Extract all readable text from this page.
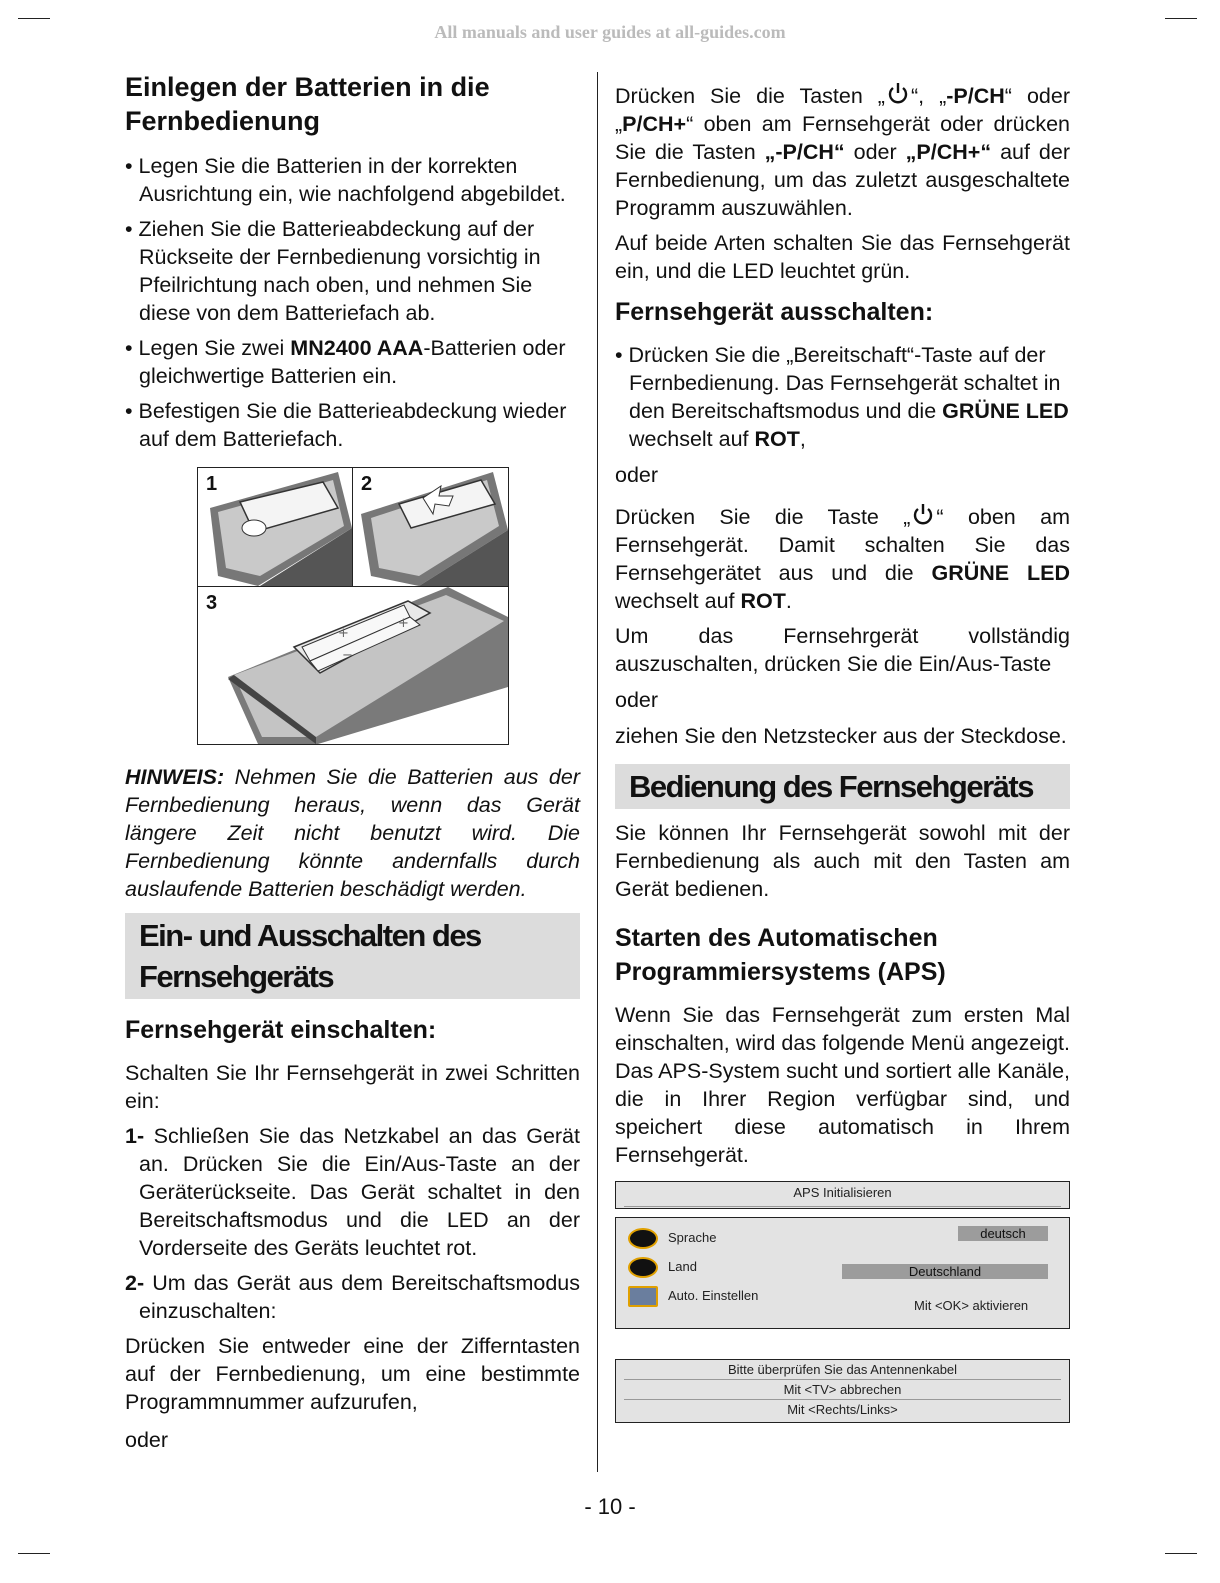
All manuals and user guides at all-guides.com
Einlegen der Batterien in die Fernbedienung
• Legen Sie die Batterien in der korrekten Ausrichtung ein, wie nachfolgend abgebildet.
• Ziehen Sie die Batterieabdeckung auf der Rückseite der Fernbedienung vorsichtig in Pfeilrichtung nach oben, und nehmen Sie diese von dem Batteriefach ab.
• Legen Sie zwei MN2400 AAA-Batterien oder gleichwertige Batterien ein.
• Befestigen Sie die Batterieabdeckung wieder auf dem Batteriefach.
1	2
+
+
−
3

HINWEIS: Nehmen Sie die Batterien aus der Fernbedienung heraus, wenn das Gerät längere Zeit nicht benutzt wird. Die Fernbedienung könnte andernfalls durch auslaufende Batterien beschädigt werden.

Ein- und Ausschalten des Fernsehgeräts
Fernsehgerät einschalten:

Schalten Sie Ihr Fernsehgerät in zwei Schritten ein:

1- Schließen Sie das Netzkabel an das Gerät an. Drücken Sie die Ein/Aus-Taste an der Geräterückseite. Das Gerät schaltet in den Bereitschaftsmodus und die LED an der Vorderseite des Geräts leuchtet rot.
2- Um das Gerät aus dem Bereitschaftsmodus einzuschalten:

Drücken Sie entweder eine der Zifferntasten auf der Fernbedienung, um eine bestimmte Programmnummer aufzurufen,

oder

Drücken Sie die Tasten „ “, „-P/CH“ oder „P/CH+“ oben am Fernsehgerät oder drücken Sie die Tasten „-P/CH“ oder „P/CH+“ auf der Fernbedienung, um das zuletzt ausgeschaltete Programm auszuwählen.

Auf beide Arten schalten Sie das Fernsehgerät ein, und die LED leuchtet grün.

Fernsehgerät ausschalten:
• Drücken Sie die „Bereitschaft“-Taste auf der Fernbedienung. Das Fernsehgerät schaltet in den Bereitschaftsmodus und die GRÜNE LED wechselt auf ROT,

oder

Drücken Sie die Taste „ “ oben am Fernsehgerät. Damit schalten Sie das Fernsehgerätet aus und die GRÜNE LED wechselt auf ROT.

Um das Fernsehrgerät vollständig auszuschalten, drücken Sie die Ein/Aus-Taste

oder

ziehen Sie den Netzstecker aus der Steckdose.

Bedienung des Fernsehgeräts

Sie können Ihr Fernsehgerät sowohl mit der Fernbedienung als auch mit den Tasten am Gerät bedienen.

Starten des Automatischen Programmiersystems (APS)

Wenn Sie das Fernsehgerät zum ersten Mal einschalten, wird das folgende Menü angezeigt. Das APS-System sucht und sortiert alle Kanäle, die in Ihrer Region verfügbar sind, und speichert diese automatisch in Ihrem Fernsehgerät.

APS Initialisieren
Sprache	deutsch
Land	Deutschland
Auto. Einstellen
Mit <OK> aktivieren
Bitte überprüfen Sie das Antennenkabel
Mit <TV> abbrechen
Mit <Rechts/Links>
- 10 -
